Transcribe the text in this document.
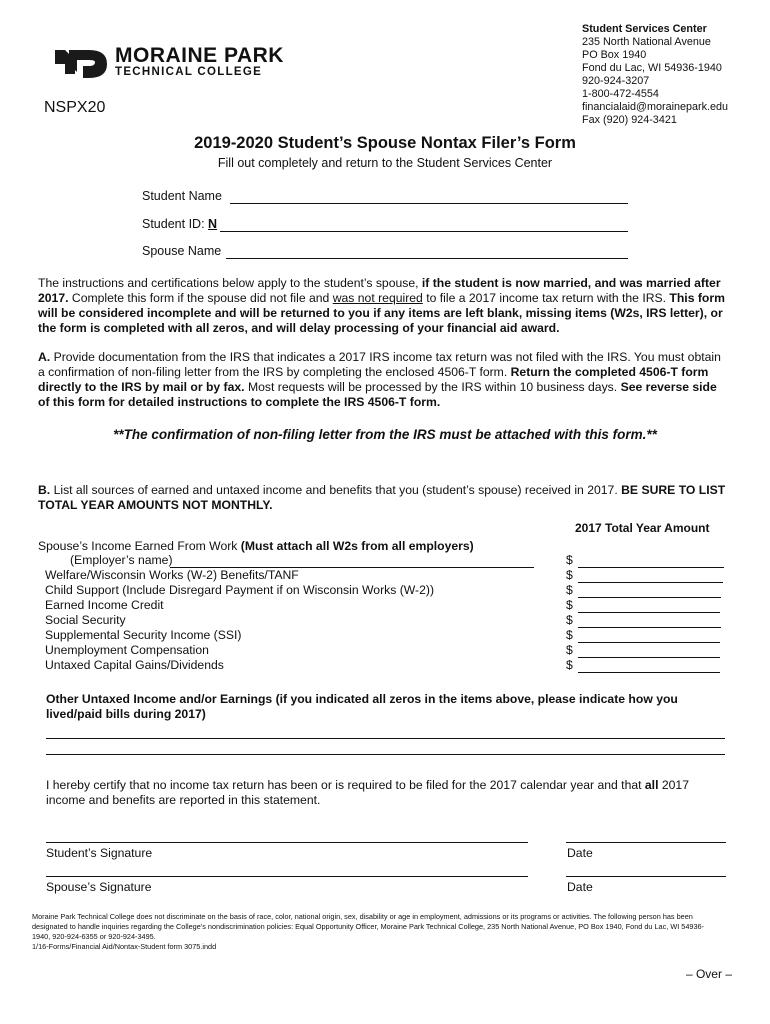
MORAINE PARK
TECHNICAL COLLEGE
Student Services Center
235 North National Avenue
PO Box 1940
Fond du Lac, WI 54936-1940
920-924-3207
1-800-472-4554
financialaid@morainepark.edu
Fax (920) 924-3421
NSPX20
2019-2020 Student’s Spouse Nontax Filer’s Form
Fill out completely and return to the Student Services Center
Student Name
Student ID: N
Spouse Name
The instructions and certifications below apply to the student’s spouse, if the student is now married, and was married after 2017. Complete this form if the spouse did not file and was not required to file a 2017 income tax return with the IRS. This form will be considered incomplete and will be returned to you if any items are left blank, missing items (W2s, IRS letter), or the form is completed with all zeros, and will delay processing of your financial aid award.
A. Provide documentation from the IRS that indicates a 2017 IRS income tax return was not filed with the IRS. You must obtain a confirmation of non-filing letter from the IRS by completing the enclosed 4506-T form. Return the completed 4506-T form directly to the IRS by mail or by fax. Most requests will be processed by the IRS within 10 business days. See reverse side of this form for detailed instructions to complete the IRS 4506-T form.
**The confirmation of non-filing letter from the IRS must be attached with this form.**
B. List all sources of earned and untaxed income and benefits that you (student’s spouse) received in 2017. BE SURE TO LIST TOTAL YEAR AMOUNTS NOT MONTHLY.
2017 Total Year Amount
Spouse’s Income Earned From Work (Must attach all W2s from all employers)
(Employer’s name)	$
Welfare/Wisconsin Works (W-2) Benefits/TANF	$
Child Support (Include Disregard Payment if on Wisconsin Works (W-2))	$
Earned Income Credit	$
Social Security	$
Supplemental Security Income (SSI)	$
Unemployment Compensation	$
Untaxed Capital Gains/Dividends	$
Other Untaxed Income and/or Earnings (if you indicated all zeros in the items above, please indicate how you lived/paid bills during 2017)
I hereby certify that no income tax return has been or is required to be filed for the 2017 calendar year and that all 2017 income and benefits are reported in this statement.
Student’s Signature	Date
Spouse’s Signature	Date
Moraine Park Technical College does not discriminate on the basis of race, color, national origin, sex, disability or age in employment, admissions or its programs or activities. The following person has been designated to handle inquiries regarding the College’s nondiscrimination policies: Equal Opportunity Officer, Moraine Park Technical College, 235 North National Avenue, PO Box 1940, Fond du Lac, WI 54936-1940, 920-924-6355 or 920-924-3495.
1/16-Forms/Financial Aid/Nontax-Student form 3075.indd
– Over –
